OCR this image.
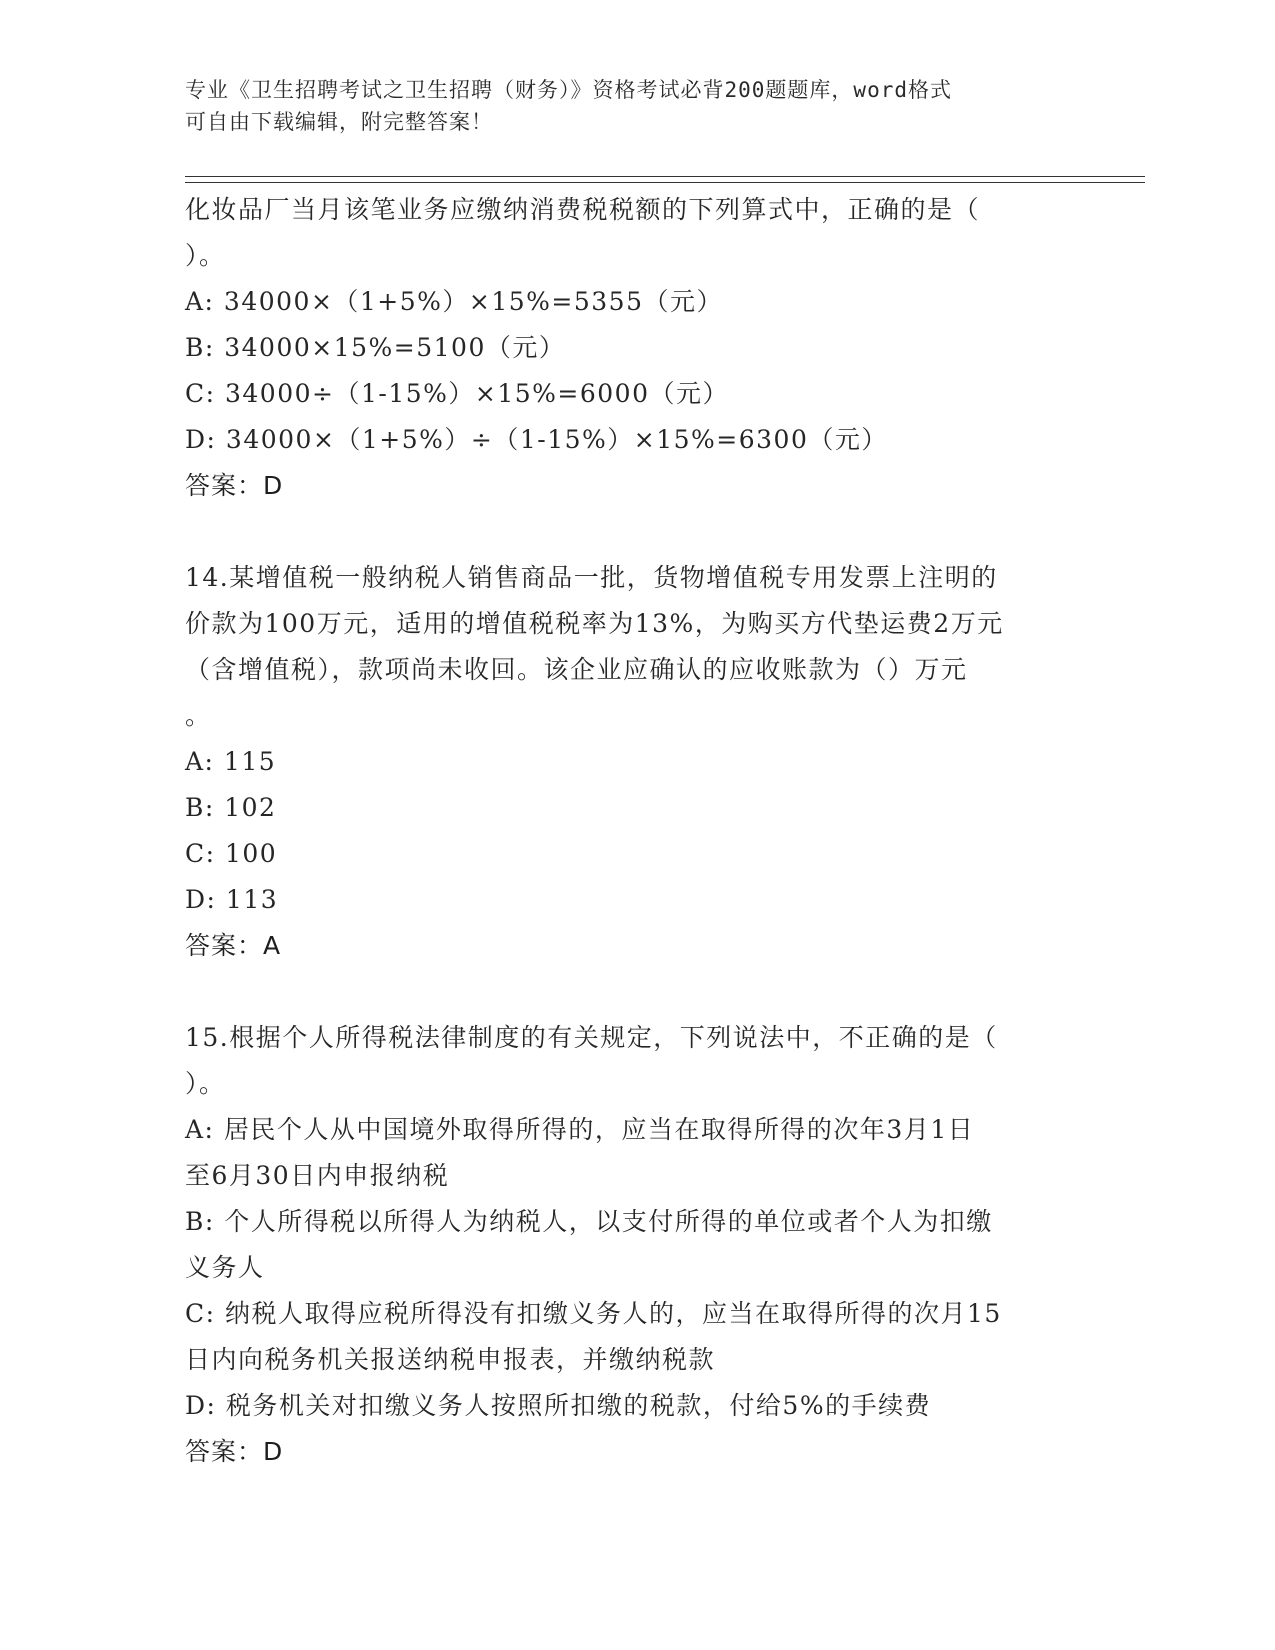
专业《卫生招聘考试之卫生招聘（财务）》资格考试必背200题题库，word格式
可自由下载编辑，附完整答案！
化妆品厂当月该笔业务应缴纳消费税税额的下列算式中，正确的是（
）。
A: 34000×（1+5%）×15%=5355（元）
B: 34000×15%=5100（元）
C: 34000÷（1-15%）×15%=6000（元）
D: 34000×（1+5%）÷（1-15%）×15%=6300（元）
答案：D
14.某增值税一般纳税人销售商品一批，货物增值税专用发票上注明的
价款为100万元，适用的增值税税率为13%，为购买方代垫运费2万元
（含增值税），款项尚未收回。该企业应确认的应收账款为（）万元
。
A: 115
B: 102
C: 100
D: 113
答案：A
15.根据个人所得税法律制度的有关规定，下列说法中，不正确的是（
）。
A: 居民个人从中国境外取得所得的，应当在取得所得的次年3月1日
至6月30日内申报纳税
B: 个人所得税以所得人为纳税人，以支付所得的单位或者个人为扣缴
义务人
C: 纳税人取得应税所得没有扣缴义务人的，应当在取得所得的次月15
日内向税务机关报送纳税申报表，并缴纳税款
D: 税务机关对扣缴义务人按照所扣缴的税款，付给5%的手续费
答案：D
